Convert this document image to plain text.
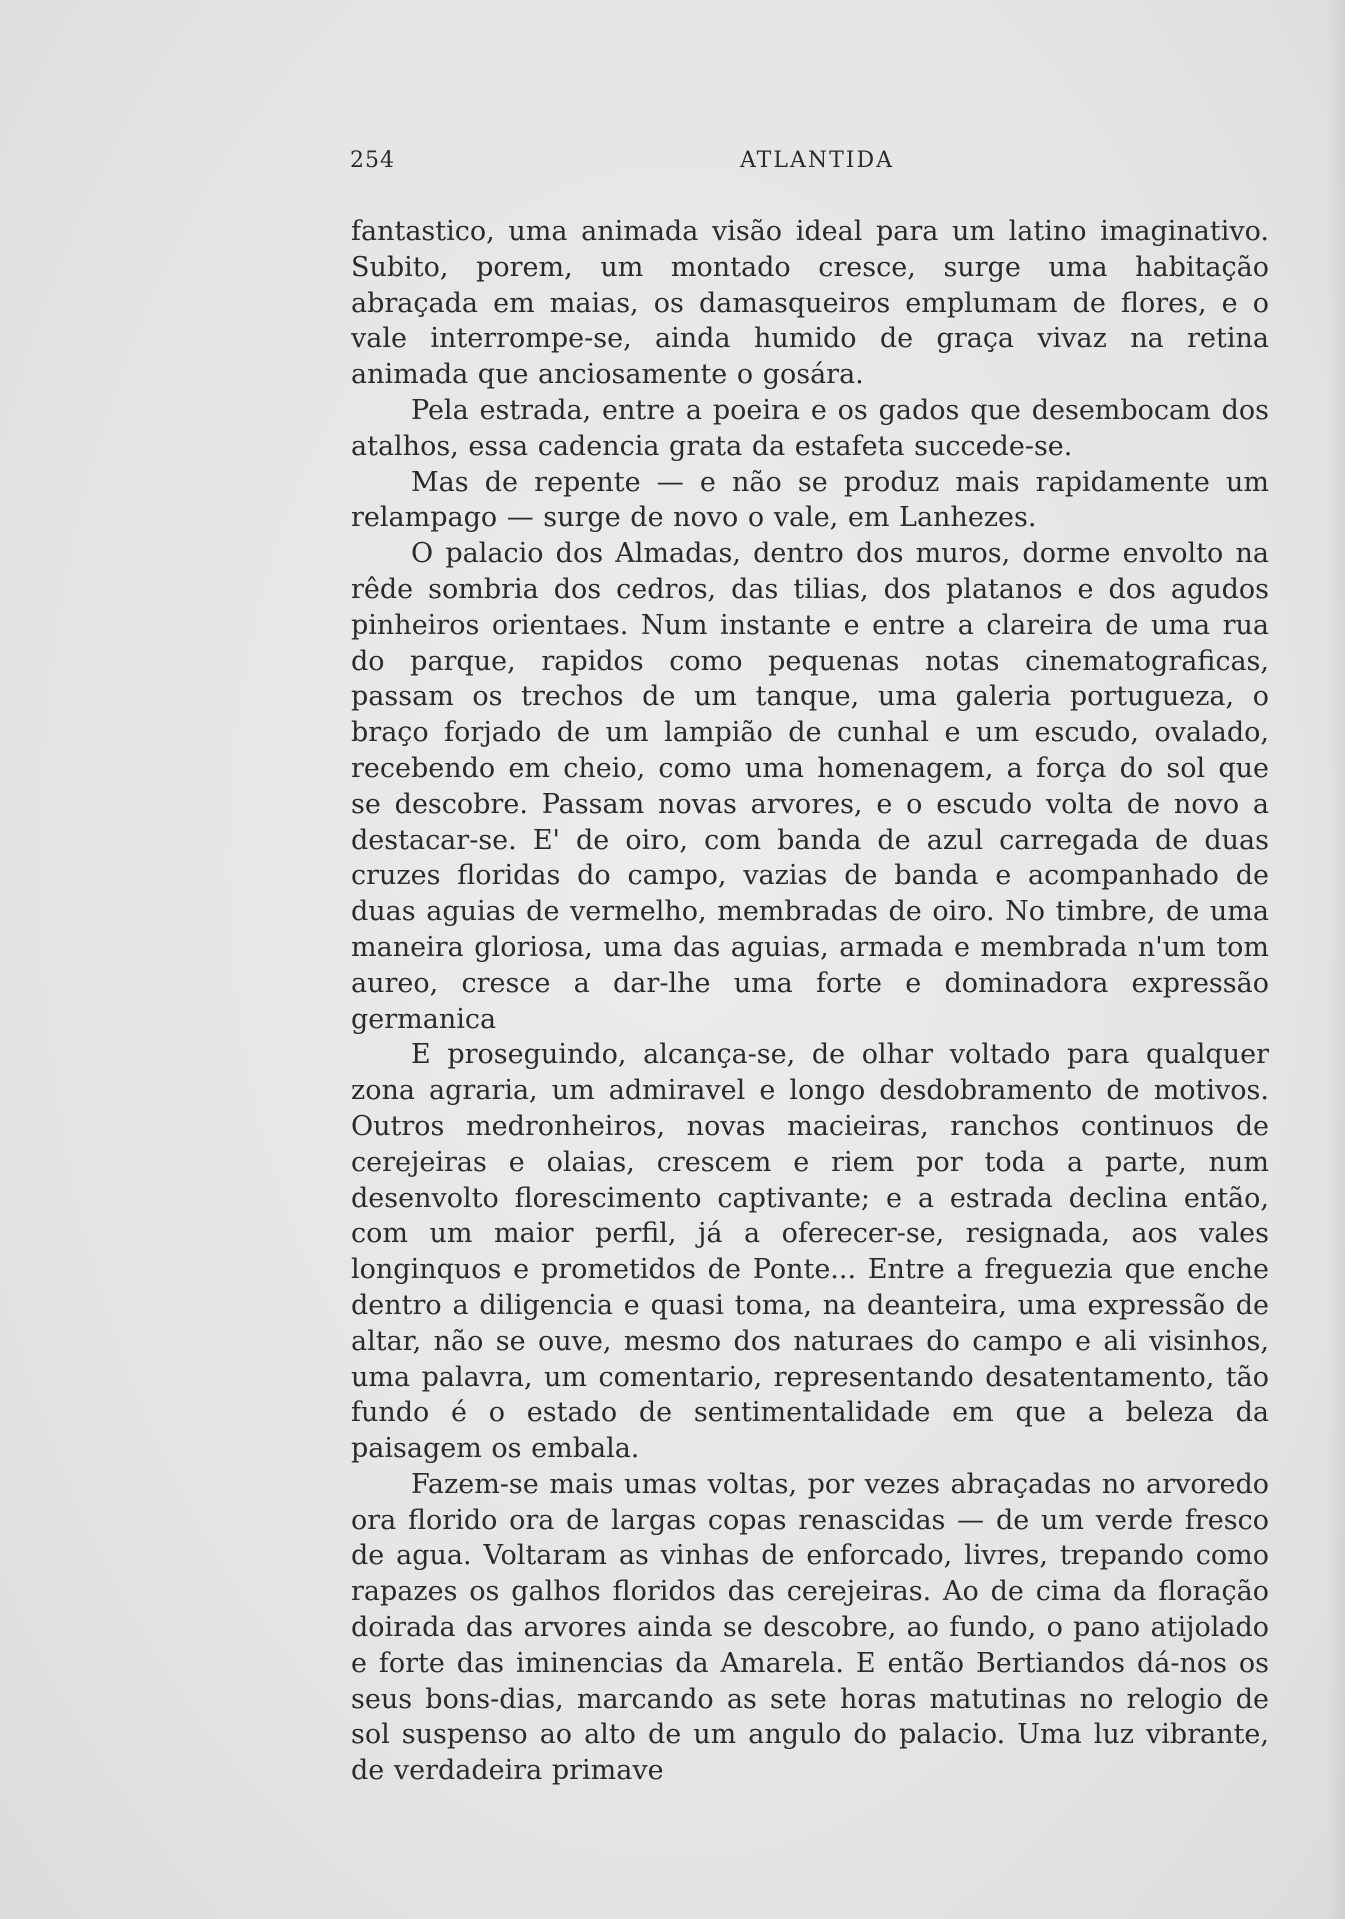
254	ATLANTIDA

fantastico, uma animada visão ideal para um latino imaginativo. Subito, porem, um montado cresce, surge uma habitação abraçada em maias, os damasqueiros emplumam de flores, e o vale interrompe-se, ainda humido de graça vivaz na retina animada que anciosamente o gosára.

Pela estrada, entre a poeira e os gados que desembocam dos atalhos, essa cadencia grata da estafeta succede-se.

Mas de repente — e não se produz mais rapidamente um relampago — surge de novo o vale, em Lanhezes.

O palacio dos Almadas, dentro dos muros, dorme envolto na rêde sombria dos cedros, das tilias, dos platanos e dos agudos pinheiros orientaes. Num instante e entre a clareira de uma rua do parque, rapidos como pequenas notas cinematograficas, passam os trechos de um tanque, uma galeria portugueza, o braço forjado de um lampião de cunhal e um escudo, ovalado, recebendo em cheio, como uma homenagem, a força do sol que se descobre. Passam novas arvores, e o escudo volta de novo a destacar-se. E' de oiro, com banda de azul carregada de duas cruzes floridas do campo, vazias de banda e acompanhado de duas aguias de vermelho, membradas de oiro. No timbre, de uma maneira gloriosa, uma das aguias, armada e membrada n'um tom aureo, cresce a dar-lhe uma forte e dominadora expressão germanica

E proseguindo, alcança-se, de olhar voltado para qualquer zona agraria, um admiravel e longo desdobramento de motivos. Outros medronheiros, novas macieiras, ranchos continuos de cerejeiras e olaias, crescem e riem por toda a parte, num desenvolto florescimento captivante; e a estrada declina então, com um maior perfil, já a oferecer-se, resignada, aos vales longinquos e prometidos de Ponte... Entre a freguezia que enche dentro a diligencia e quasi toma, na deanteira, uma expressão de altar, não se ouve, mesmo dos naturaes do campo e ali visinhos, uma palavra, um comentario, representando desatentamento, tão fundo é o estado de sentimentalidade em que a beleza da paisagem os embala.

Fazem-se mais umas voltas, por vezes abraçadas no arvoredo ora florido ora de largas copas renascidas — de um verde fresco de agua. Voltaram as vinhas de enforcado, livres, trepando como rapazes os galhos floridos das cerejeiras. Ao de cima da floração doirada das arvores ainda se descobre, ao fundo, o pano atijolado e forte das iminencias da Amarela. E então Bertiandos dá-nos os seus bons-dias, marcando as sete horas matutinas no relogio de sol suspenso ao alto de um angulo do palacio. Uma luz vibrante, de verdadeira primave
